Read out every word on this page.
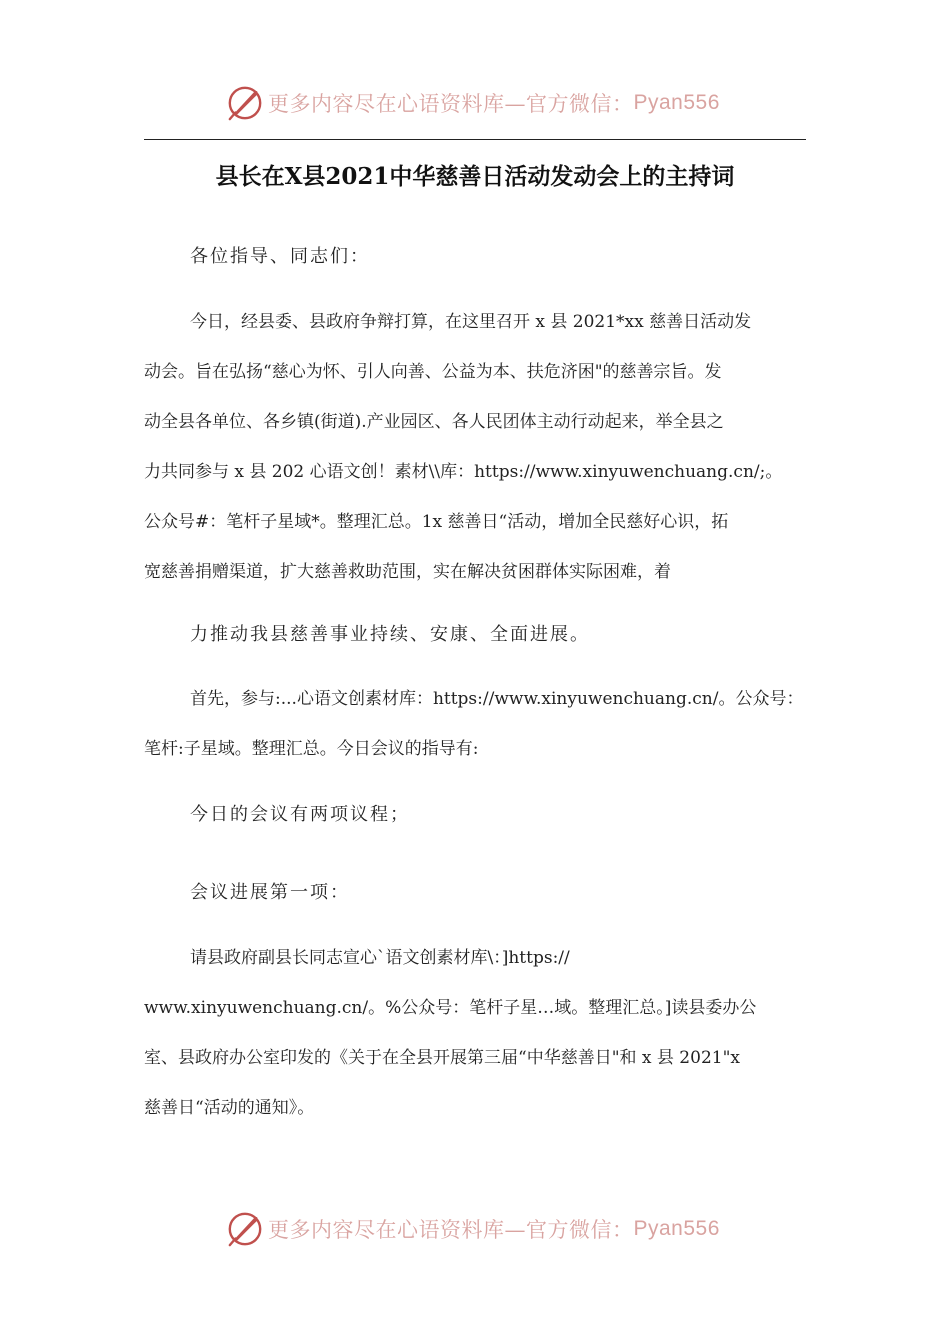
更多内容尽在心语资料库—官方微信： Pyan556
县长在X县2021中华慈善日活动发动会上的主持词

各位指导、同志们：

今日，经县委、县政府争辩打算，在这里召开 x 县 2021*xx 慈善日活动发
动会。旨在弘扬“慈心为怀、引人向善、公益为本、扶危济困"的慈善宗旨。发
动全县各单位、各乡镇(街道).产业园区、各人民团体主动行动起来，举全县之
力共同参与 x 县 202 心语文创！素材\\库：https://www.xinyuwenchuang.cn/;。
公众号#：笔杆子星域*。整理汇总。1x 慈善日“活动，增加全民慈好心识，拓
宽慈善捐赠渠道，扩大慈善救助范围，实在解决贫困群体实际困难，着

力推动我县慈善事业持续、安康、全面进展。

首先，参与:...心语文创素材库：https://www.xinyuwenchuang.cn/。公众号：
笔杆:子星域。整理汇总。今日会议的指导有:

今日的会议有两项议程；

会议进展第一项：

请县政府副县长同志宣心`语文创素材库\：]https://
www.xinyuwenchuang.cn/。%公众号：笔杆子星…域。整理汇总。]读县委办公
室、县政府办公室印发的《关于在全县开展第三届“中华慈善日"和 x 县 2021"x
慈善日“活动的通知》。

更多内容尽在心语资料库—官方微信： Pyan556
